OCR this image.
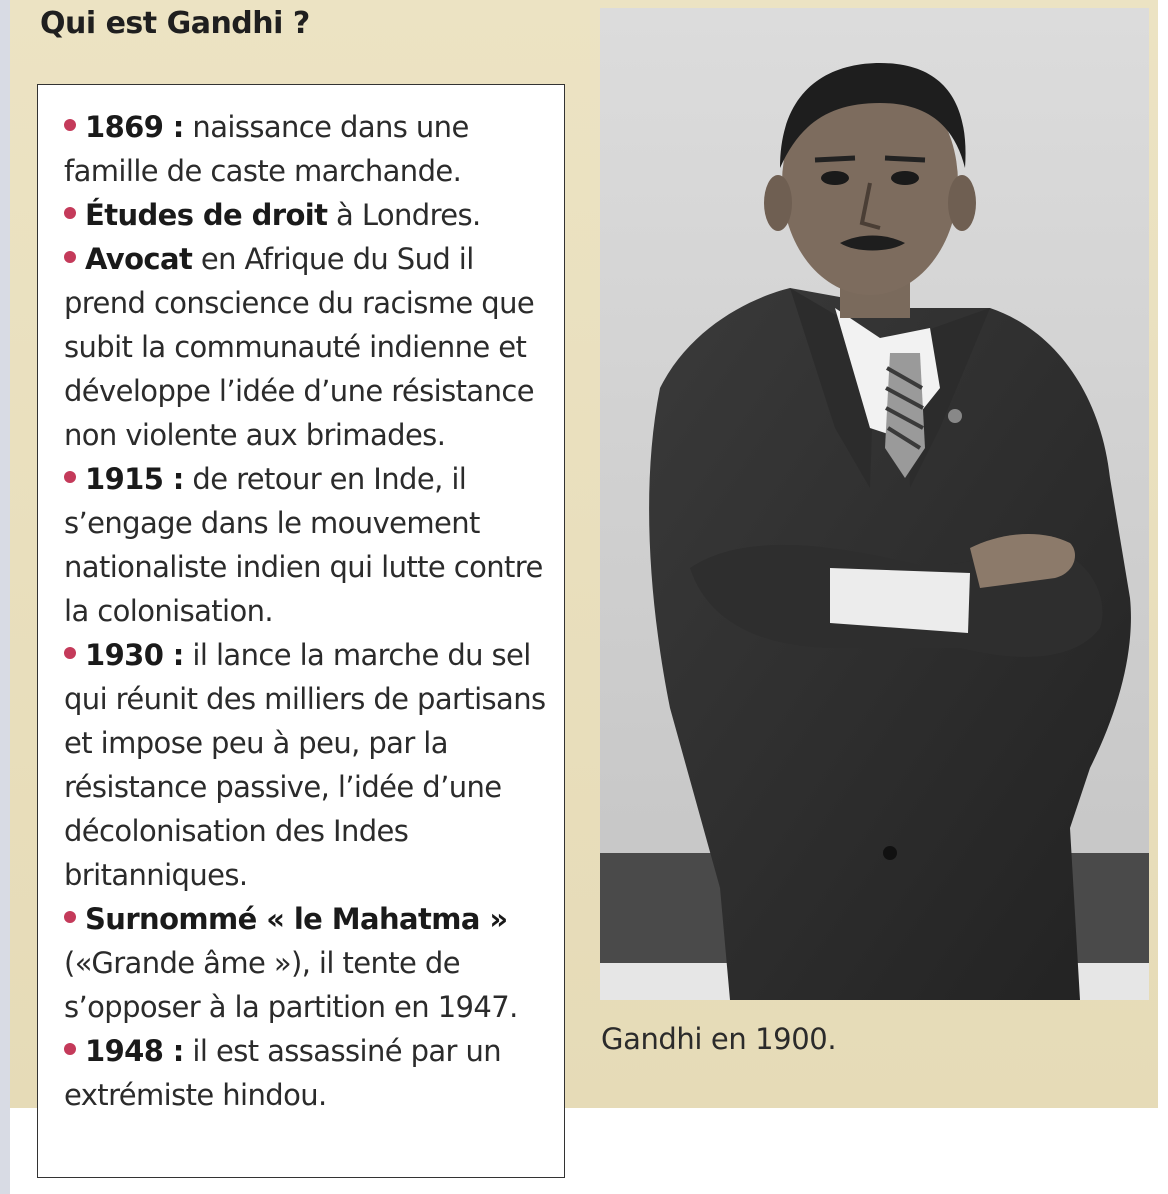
Qui est Gandhi ?

1869 : naissance dans une famille de caste marchande.

Études de droit à Londres.

Avocat en Afrique du Sud il prend conscience du racisme que subit la communauté indienne et développe l’idée d’une résistance non violente aux brimades.

1915 : de retour en Inde, il s’engage dans le mouvement nationaliste indien qui lutte contre la colonisation.

1930 : il lance la marche du sel qui réunit des milliers de partisans et impose peu à peu, par la résistance passive, l’idée d’une décolonisation des Indes britanniques.

Surnommé « le Mahatma » («Grande âme »), il tente de s’opposer à la partition en 1947.

1948 : il est assassiné par un extrémiste hindou.

Gandhi en 1900.
